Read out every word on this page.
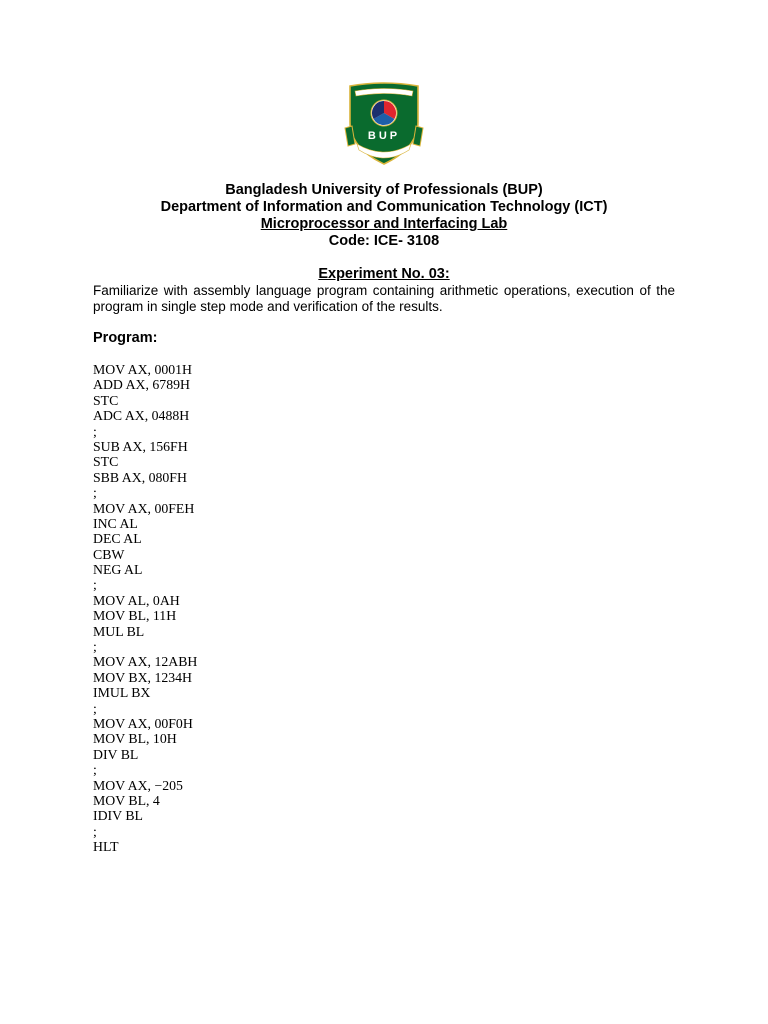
BUP
Bangladesh University of Professionals (BUP)
Department of Information and Communication Technology (ICT)
Microprocessor and Interfacing Lab
Code: ICE- 3108
Experiment No. 03:
Familiarize with assembly language program containing arithmetic operations, execution of the program in single step mode and verification of the results.
Program:
MOV AX, 0001H
ADD AX, 6789H
STC
ADC AX, 0488H
;
SUB AX, 156FH
STC
SBB AX, 080FH
;
MOV AX, 00FEH
INC AL
DEC AL
CBW
NEG AL
;
MOV AL, 0AH
MOV BL, 11H
MUL BL
;
MOV AX, 12ABH
MOV BX, 1234H
IMUL BX
;
MOV AX, 00F0H
MOV BL, 10H
DIV BL
;
MOV AX, −205
MOV BL, 4
IDIV BL
;
HLT
